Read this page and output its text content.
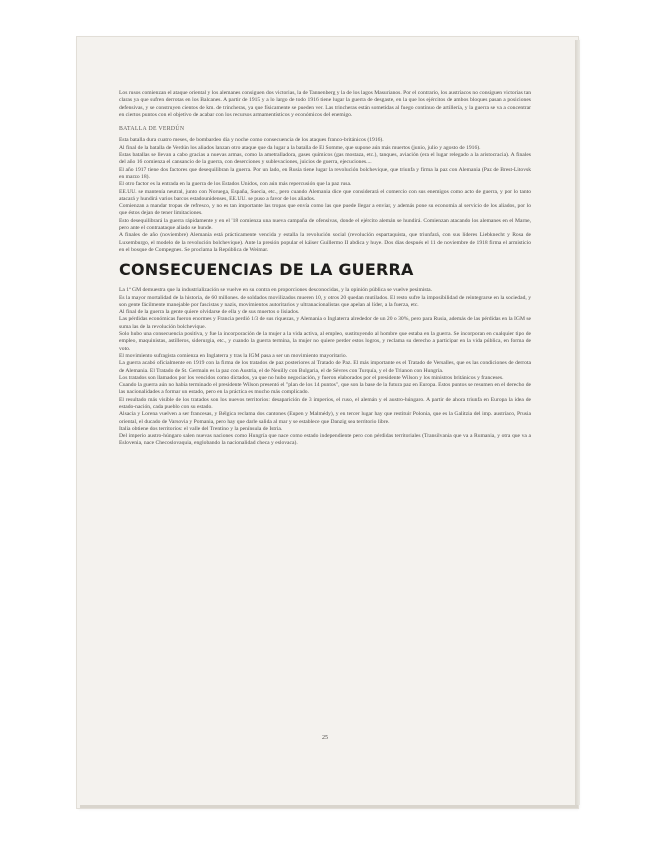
Los rusos comienzan el ataque oriental y los alemanes consiguen dos victorias, la de Tannenberg y la de los lagos Masurianos. Por el contrario, los austríacos no consiguen victorias tan claras ya que sufren derrotas en los Balcanes. A partir de 1915 y a lo largo de todo 1916 tiene lugar la guerra de desgaste, en la que los ejércitos de ambos bloques pasan a posiciones defensivas, y se construyen cientos de km. de trincheras, ya que físicamente se pueden ver. Las trincheras están sometidas al fuego continuo de artillería, y la guerra se va a concentrar en ciertos puntos con el objetivo de acabar con los recursos armamentísticos y económicos del enemigo.

BATALLA DE VERDÚN

Esta batalla dura cuatro meses, de bombardeo día y noche como consecuencia de los ataques franco-británicos (1916).

Al final de la batalla de Verdún los aliados lanzan otro ataque que da lugar a la batalla de El Somme, que supone aún más muertos (junio, julio y agosto de 1916).

Estas batallas se llevan a cabo gracias a nuevas armas, como la ametralladora, gases químicos (gas mostaza, etc.), tanques, aviación (era el lugar relegado a la aristocracia). A finales del año 16 comienza el cansancio de la guerra, con deserciones y sublevaciones, juicios de guerra, ejecuciones....

El año 1917 tiene dos factores que desequilibran la guerra. Por un lado, en Rusia tiene lugar la revolución bolchevique, que triunfa y firma la paz con Alemania (Paz de Brest-Litovsk en marzo 18).

El otro factor es la entrada en la guerra de los Estados Unidos, con aún más repercusión que la paz rusa.

EE.UU. se mantenía neutral, junto con Noruega, España, Suecia, etc., pero cuando Alemania dice que considerará el comercio con sus enemigos como acto de guerra, y por lo tanto atacará y hundirá varios barcos estadounidenses, EE.UU. se puso a favor de los aliados.

Comienzan a mandar tropas de refresco, y no es tan importante las tropas que envía como las que puede llegar a enviar, y además pone su economía al servicio de los aliados, por lo que éstos dejan de tener limitaciones.

Esto desequilibrará la guerra rápidamente y en el '18 comienza una nueva campaña de ofensivas, donde el ejército alemán se hundirá. Comienzan atacando los alemanes en el Marne, pero ante el contraataque aliado se hunde.

A finales de año (noviembre) Alemania está prácticamente vencida y estalla la revolución social (revolución espartaquista, que triunfará, con sus líderes Liebknecht y Rosa de Luxemburgo, el modelo de la revolución bolchevique). Ante la presión popular el káiser Guillermo II abdica y huye. Dos días después el 11 de noviembre de 1918 firma el armisticio en el bosque de Compegnes. Se proclama la República de Weimar.

CONSECUENCIAS DE LA GUERRA

La 1ª GM demuestra que la industrialización se vuelve en su contra en proporciones desconocidas, y la opinión pública se vuelve pesimista.

Es la mayor mortalidad de la historia, de 60 millones. de soldados movilizados mueren 10, y otros 20 quedan mutilados. El resto sufre la imposibilidad de reintegrarse en la sociedad, y son gente fácilmente manejable por fascistas y nazis, movimientos autoritarios y ultranacionalistas que apelan al líder, a la fuerza, etc.

Al final de la guerra la gente quiere olvidarse de ella y de sus muertos o lisiados.

Las pérdidas económicas fueron enormes y Francia perdió 1/3 de sus riquezas, y Alemania o Inglaterra alrededor de un 20 o 30%, pero para Rusia, además de las pérdidas en la IGM se suma las de la revolución bolchevique.

Solo hubo una consecuencia positiva, y fue la incorporación de la mujer a la vida activa, al empleo, sustituyendo al hombre que estaba en la guerra. Se incorporan en cualquier tipo de empleo, maquinistas, astilleros, siderurgia, etc., y cuando la guerra termina, la mujer no quiere perder estos logros, y reclama su derecho a participar en la vida pública, en forma de voto.

El movimiento sufragista comienza en Inglaterra y tras la IGM pasa a ser un movimiento mayoritario.

La guerra acabó oficialmente en 1919 con la firma de los tratados de paz posteriores al Tratado de Paz. El más importante es el Tratado de Versalles, que es las condiciones de derrota de Alemania. El Tratado de St. Germain es la paz con Austria, el de Neuilly con Bulgaria, el de Sèvres con Turquía, y el de Trianon con Hungría.

Los tratados son llamados por los vencidos como dictados, ya que no hubo negociación, y fueron elaborados por el presidente Wilson y los ministros británicos y franceses.

Cuando la guerra aún no había terminado el presidente Wilson presentó el "plan de los 14 puntos", que son la base de la futura paz en Europa. Estos puntos se resumen en el derecho de las nacionalidades a formar un estado, pero en la práctica es mucho más complicado.

El resultado más visible de los tratados son los nuevos territorios: desaparición de 3 imperios, el ruso, el alemán y el austro-húngaro. A partir de ahora triunfa en Europa la idea de estado-nación, cada pueblo con su estado.

Alsacia y Lorena vuelven a ser francesas, y Bélgica reclama dos cantones (Eupen y Malmédy), y en tercer lugar hay que restituir Polonia, que es la Galitzia del imp. austríaco, Prusia oriental, el ducado de Varsovia y Pomania, pero hay que darle salida al mar y se establece que Danzig sea territorio libre.

Italia obtiene dos territorios: el valle del Trentino y la península de Istria.

Del imperio austro-húngaro salen nuevas naciones como Hungría que nace como estado independiente pero con pérdidas territoriales (Transilvania que va a Rumania, y otra que va a Eslovenia, nace Checoslovaquia, englobando la nacionalidad checa y eslovaca).

25
